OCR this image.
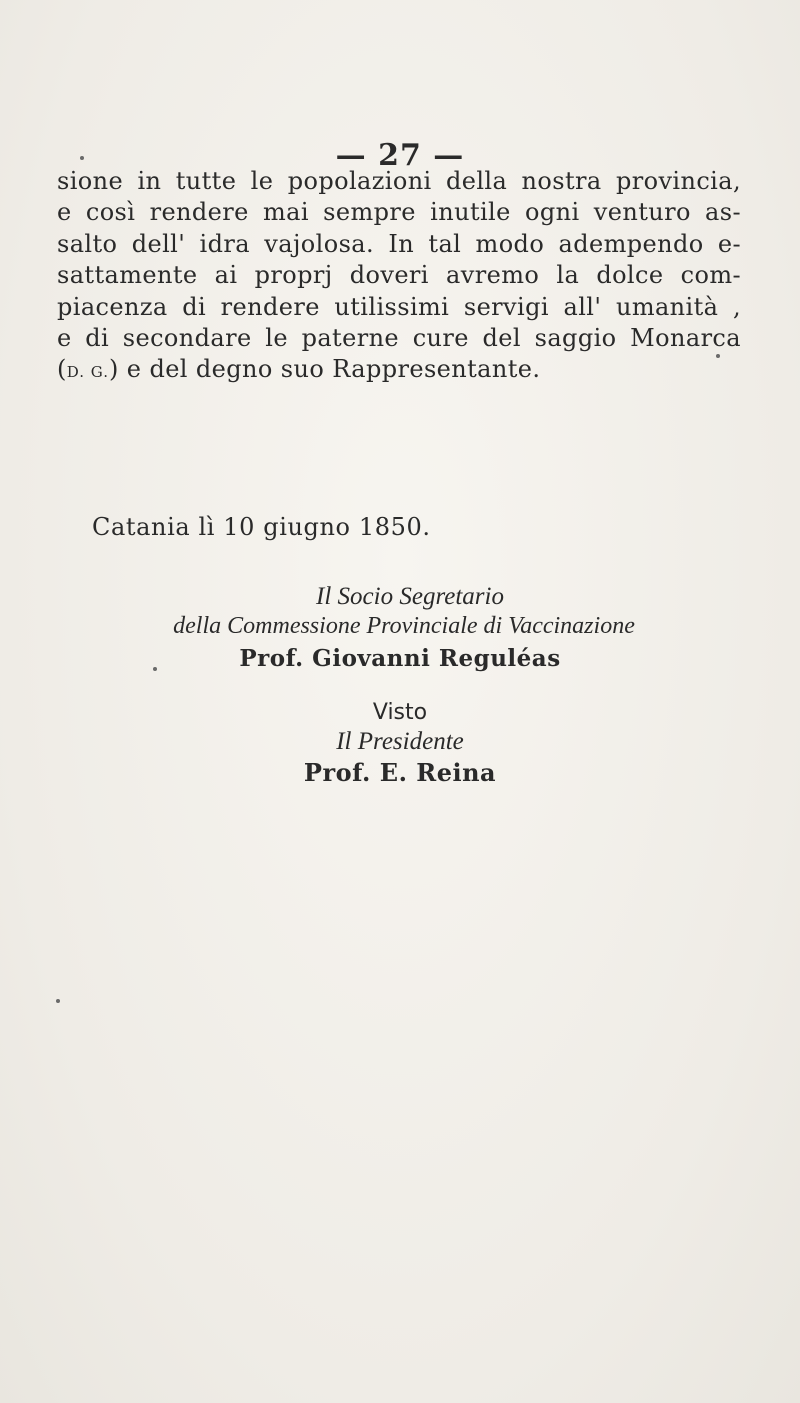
— 27 —
sione in tutte le popolazioni della nostra provincia,
e così rendere mai sempre inutile ogni venturo as-
salto dell' idra vajolosa. In tal modo adempendo e-
sattamente ai proprj doveri avremo la dolce com-
piacenza di rendere utilissimi servigi all' umanità ,
e di secondare le paterne cure del saggio Monarca
(D. G.) e del degno suo Rappresentante.
Catania lì 10 giugno 1850.
Il Socio Segretario
della Commessione Provinciale di Vaccinazione
Prof. Giovanni Reguléas
Visto
Il Presidente
Prof. E. Reina
